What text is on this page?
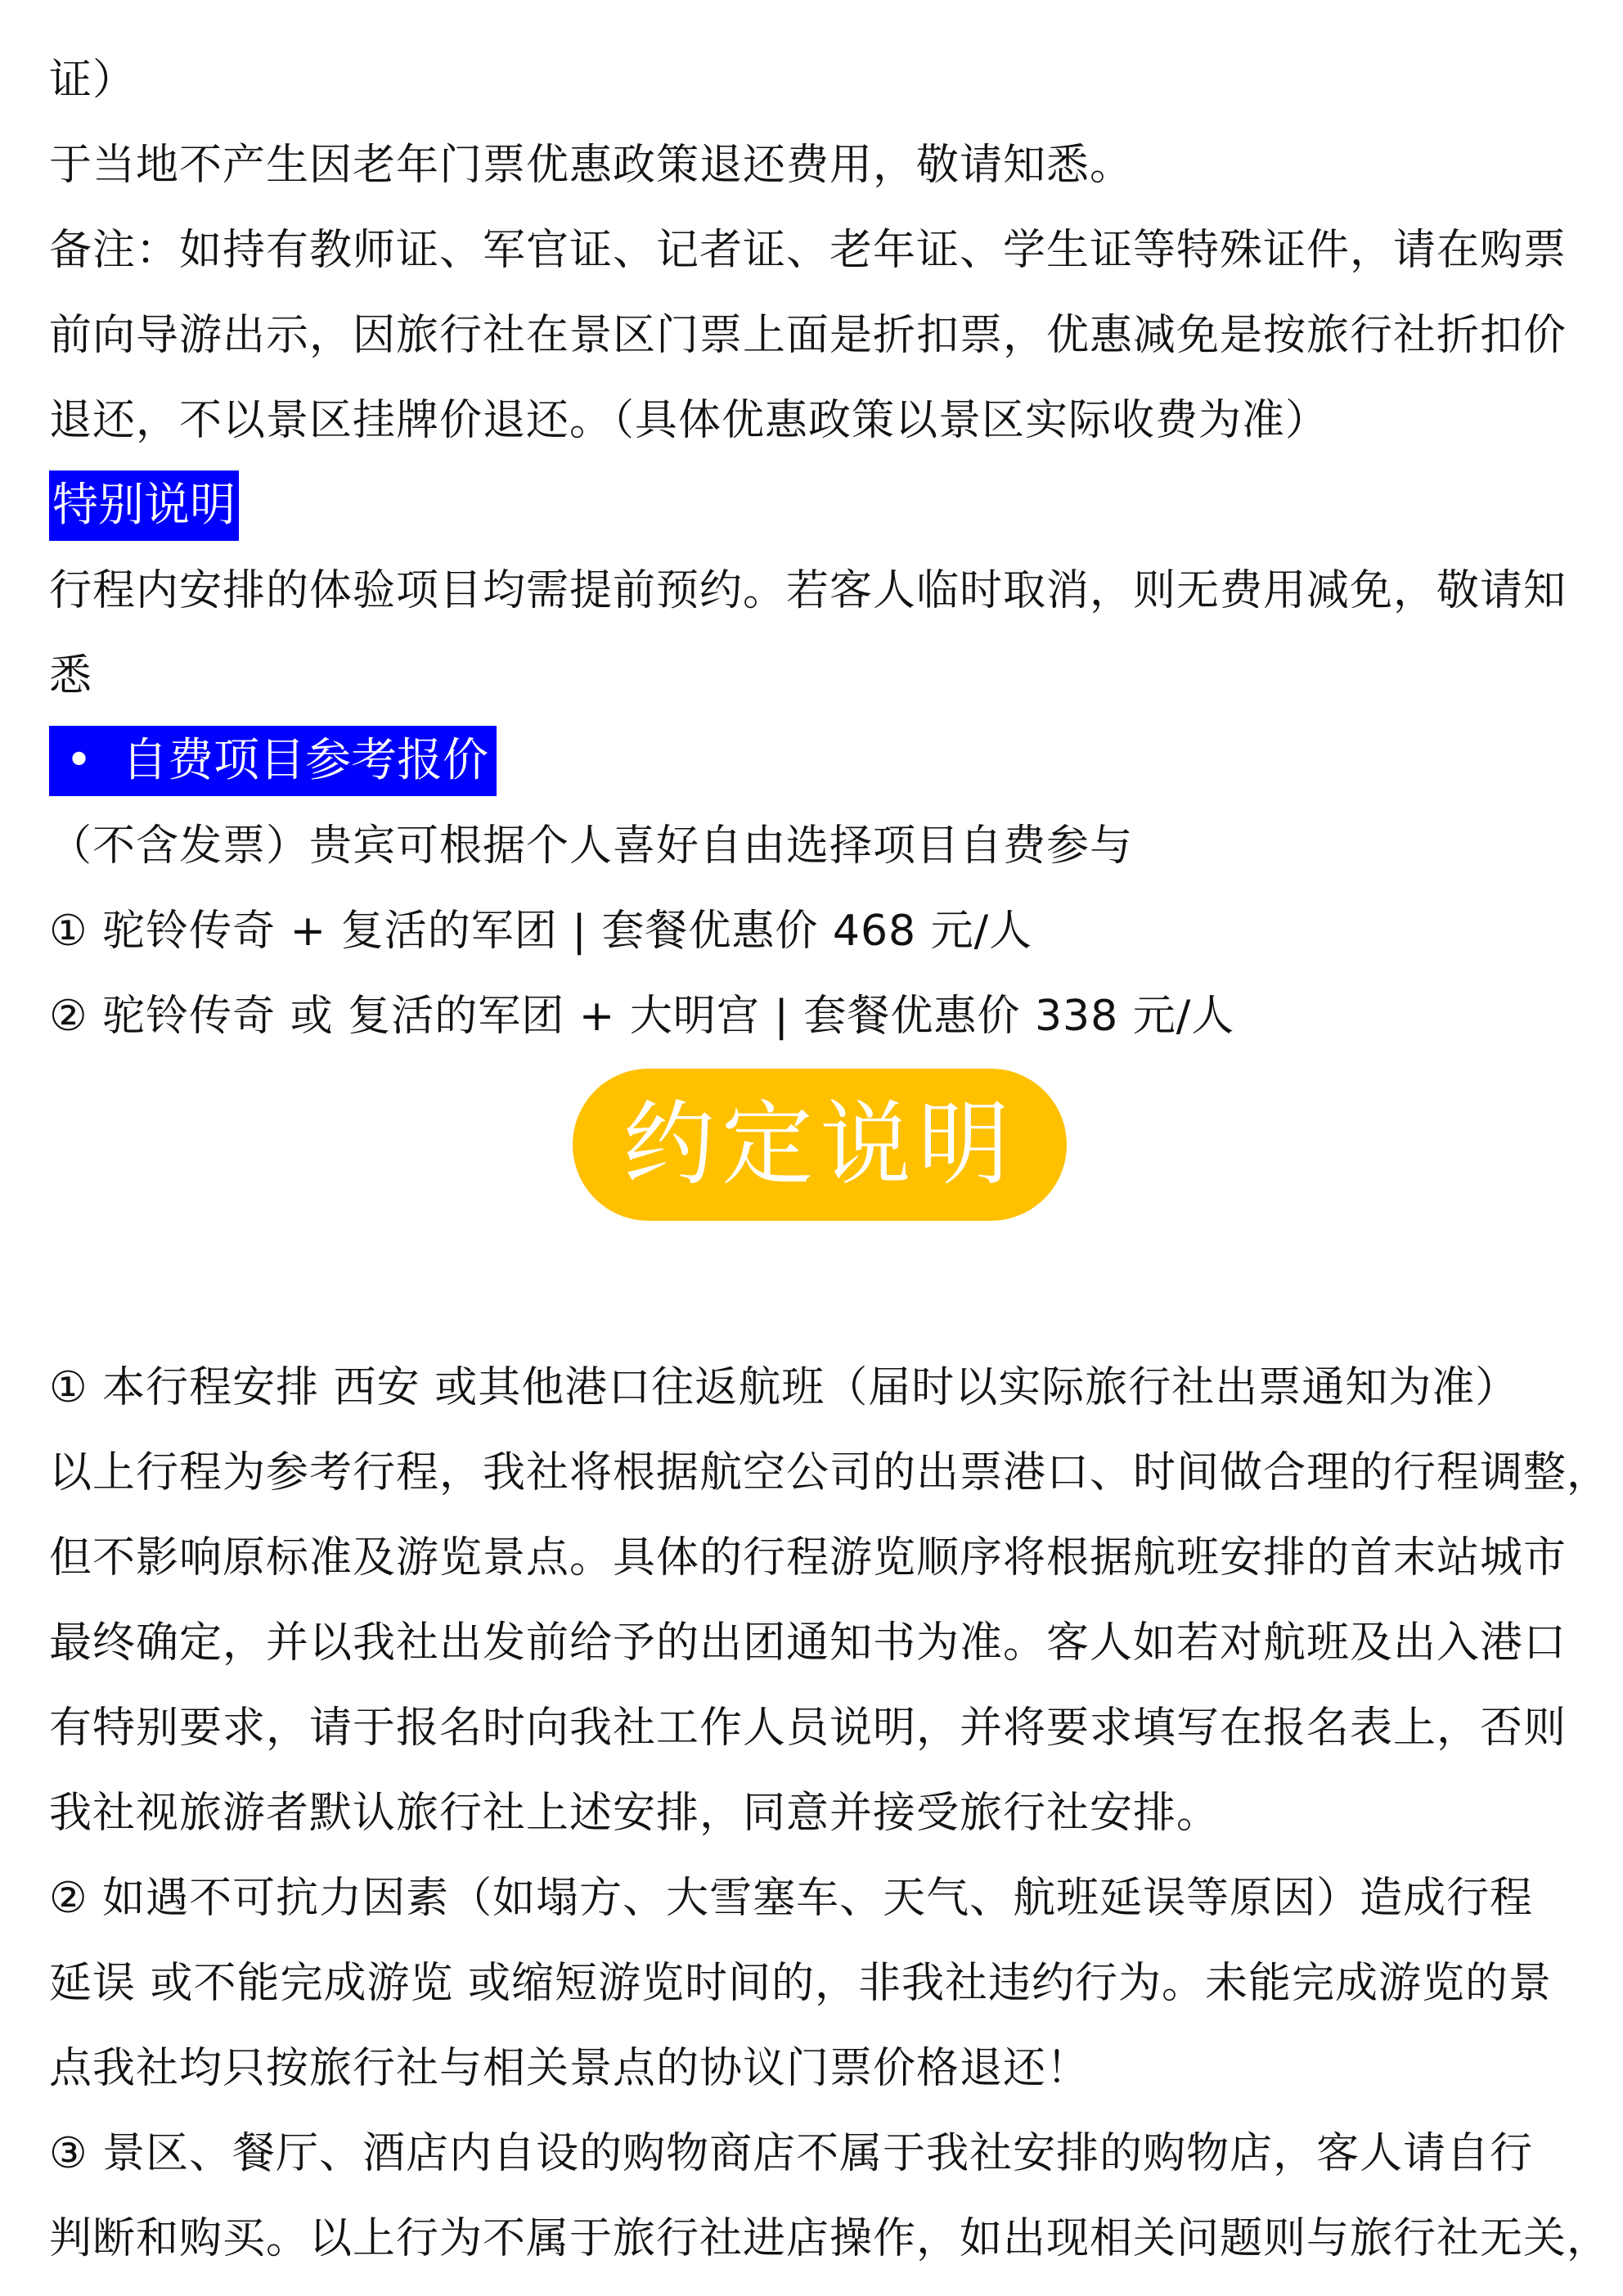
证）
于当地不产生因老年门票优惠政策退还费用，敬请知悉。
备注：如持有教师证、军官证、记者证、老年证、学生证等特殊证件，请在购票
前向导游出示，因旅行社在景区门票上面是折扣票，优惠减免是按旅行社折扣价
退还，不以景区挂牌价退还。（具体优惠政策以景区实际收费为准）
特别说明
行程内安排的体验项目均需提前预约。若客人临时取消，则无费用减免，敬请知
悉
• 自费项目参考报价
（不含发票）贵宾可根据个人喜好自由选择项目自费参与
① 驼铃传奇 + 复活的军团 | 套餐优惠价 468 元/人
② 驼铃传奇 或 复活的军团 + 大明宫 | 套餐优惠价 338 元/人
约定说明
① 本行程安排 西安 或其他港口往返航班（届时以实际旅行社出票通知为准）
以上行程为参考行程，我社将根据航空公司的出票港口、时间做合理的行程调整，
但不影响原标准及游览景点。具体的行程游览顺序将根据航班安排的首末站城市
最终确定，并以我社出发前给予的出团通知书为准。客人如若对航班及出入港口
有特别要求，请于报名时向我社工作人员说明，并将要求填写在报名表上，否则
我社视旅游者默认旅行社上述安排，同意并接受旅行社安排。
② 如遇不可抗力因素（如塌方、大雪塞车、天气、航班延误等原因）造成行程
延误 或不能完成游览 或缩短游览时间的，非我社违约行为。未能完成游览的景
点我社均只按旅行社与相关景点的协议门票价格退还！
③ 景区、餐厅、酒店内自设的购物商店不属于我社安排的购物店，客人请自行
判断和购买。以上行为不属于旅行社进店操作，如出现相关问题则与旅行社无关，
